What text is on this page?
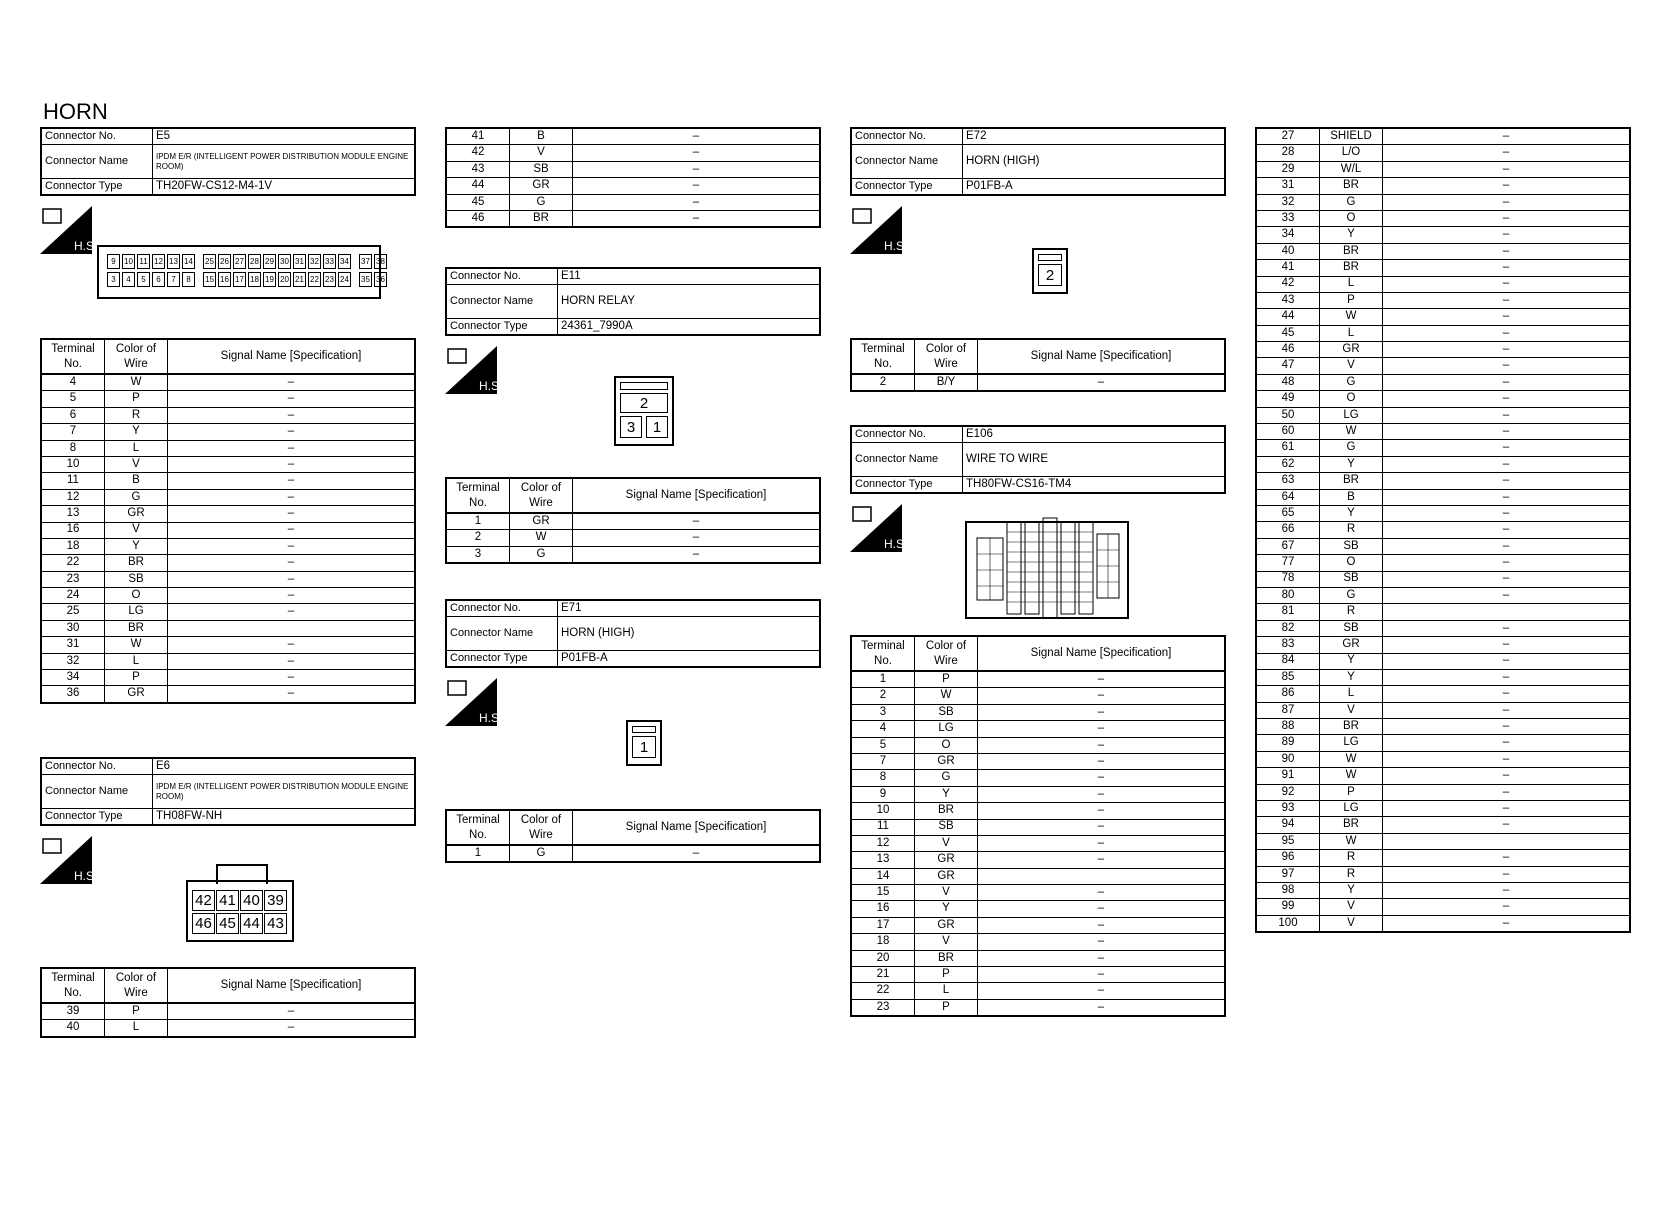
HORN
Connector No.	E5
Connector Name	IPDM E/R (INTELLIGENT POWER DISTRIBUTION MODULE ENGINE ROOM)
Connector Type	TH20FW-CS12-M4-1V
H.S.
9	10 11 12 13 14 25 26 27 28 29 30 31 32 33 34 37 38
3	4	5	6	7	8	15 16 17 18 19 20 21 22 23 24 35 36
Terminal No.	Color of Wire	Signal Name [Specification]
4	W	–
5	P	–
6	R	–
7	Y	–
8	L	–
10	V	–
11	B	–
12	G	–
13	GR	–
16	V	–
18	Y	–
22	BR	–
23	SB	–
24	O	–
25	LG	–
30	BR	
31	W	–
32	L	–
34	P	–
36	GR	–
Connector No.	E6
Connector Name	IPDM E/R (INTELLIGENT POWER DISTRIBUTION MODULE ENGINE ROOM)
Connector Type	TH08FW-NH
H.S.
42 41 40 39
46 45 44 43
Terminal No.	Color of Wire	Signal Name [Specification]
39	P	–
40	L	–
41	B	–
42	V	–
43	SB	–
44	GR	–
45	G	–
46	BR	–
Connector No.	E11
Connector Name	HORN RELAY
Connector Type	24361_7990A
H.S.
2
3	1
Terminal No.	Color of Wire	Signal Name [Specification]
1	GR	–
2	W	–
3	G	–
Connector No.	E71
Connector Name	HORN (HIGH)
Connector Type	P01FB-A
H.S.
1
Terminal No.	Color of Wire	Signal Name [Specification]
1	G	–
Connector No.	E72
Connector Name	HORN (HIGH)
Connector Type	P01FB-A
H.S.
2
Terminal No.	Color of Wire	Signal Name [Specification]
2	B/Y	–
Connector No.	E106
Connector Name	WIRE TO WIRE
Connector Type	TH80FW-CS16-TM4
H.S.
Terminal No.	Color of Wire	Signal Name [Specification]
1	P	–
2	W	–
3	SB	–
4	LG	–
5	O	–
7	GR	–
8	G	–
9	Y	–
10	BR	–
11	SB	–
12	V	–
13	GR	–
14	GR	
15	V	–
16	Y	–
17	GR	–
18	V	–
20	BR	–
21	P	–
22	L	–
23	P	–
27	SHIELD	–
28	L/O	–
29	W/L	–
31	BR	–
32	G	–
33	O	–
34	Y	–
40	BR	–
41	BR	–
42	L	–
43	P	–
44	W	–
45	L	–
46	GR	–
47	V	–
48	G	–
49	O	–
50	LG	–
60	W	–
61	G	–
62	Y	–
63	BR	–
64	B	–
65	Y	–
66	R	–
67	SB	–
77	O	–
78	SB	–
80	G	–
81	R	
82	SB	–
83	GR	–
84	Y	–
85	Y	–
86	L	–
87	V	–
88	BR	–
89	LG	–
90	W	–
91	W	–
92	P	–
93	LG	–
94	BR	–
95	W	
96	R	–
97	R	–
98	Y	–
99	V	–
100	V	–
